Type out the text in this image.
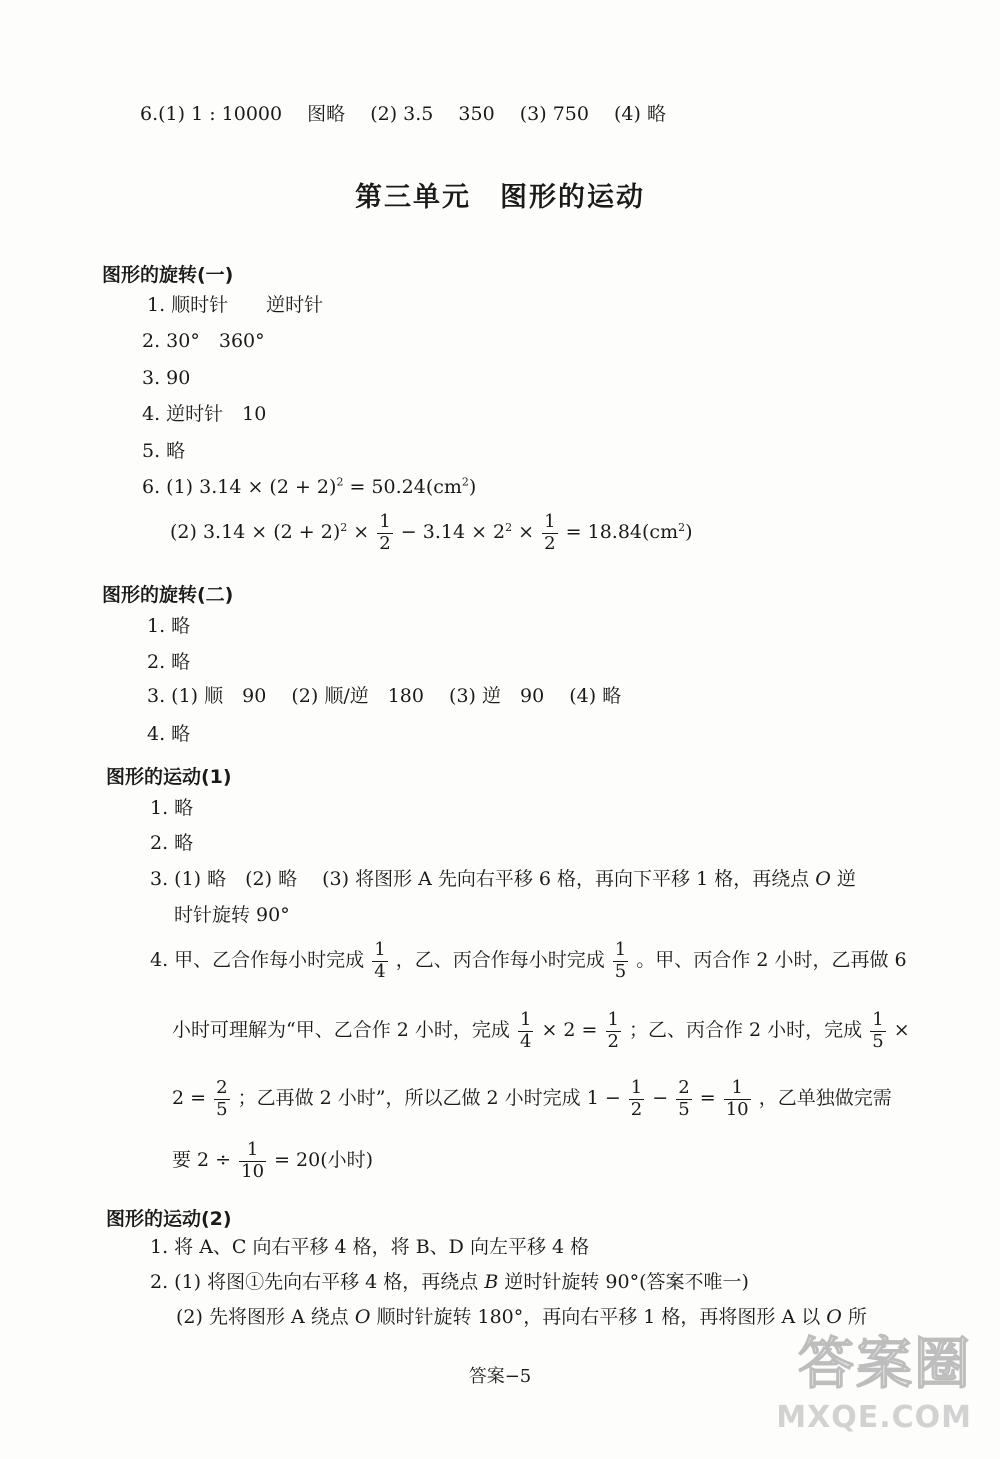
6.(1) 1 : 10000 图略 (2) 3.5 350 (3) 750 (4) 略
第三单元　图形的运动
图形的旋转(一)
1. 顺时针 逆时针
2. 30° 360°
3. 90
4. 逆时针 10
5. 略
6. (1) $3.14 \times (2 + 2)^2 = 50.24(cm^2)$
(2) $3.14 \times (2 + 2)^2 \times \frac{1}{2} - 3.14 \times 2^2 \times \frac{1}{2} = 18.84(cm^2)$
图形的旋转(二)
1. 略
2. 略
3. (1) 顺 90 (2) 顺/逆 180 (3) 逆 90 (4) 略
4. 略
图形的运动(1)
1. 略
2. 略
3. (1) 略 (2) 略 (3) 将图形 A 先向右平移 6 格，再向下平移 1 格，再绕点 O 逆
时针旋转 90°
4. 甲、乙合作每小时完成 $\frac{1}{4}$ ，乙、丙合作每小时完成 $\frac{1}{5}$ 。甲、丙合作 2 小时，乙再做 6
小时可理解为“甲、乙合作 2 小时，完成 $\frac{1}{4} \times 2 = \frac{1}{2}$ ；乙、丙合作 2 小时，完成 $\frac{1}{5}$ ×
$2 = \frac{2}{5}$ ；乙再做 2 小时”，所以乙做 2 小时完成 $1 - \frac{1}{2} - \frac{2}{5} = \frac{1}{10}$ ，乙单独做完需
要 $2 \div \frac{1}{10} = 20$(小时)
图形的运动(2)
1. 将 A、C 向右平移 4 格，将 B、D 向左平移 4 格
2. (1) 将图①先向右平移 4 格，再绕点 B 逆时针旋转 90°(答案不唯一)
(2) 先将图形 A 绕点 O 顺时针旋转 180°，再向右平移 1 格，再将图形 A 以 O 所
答案−5	答案圈
MXQE.COM
